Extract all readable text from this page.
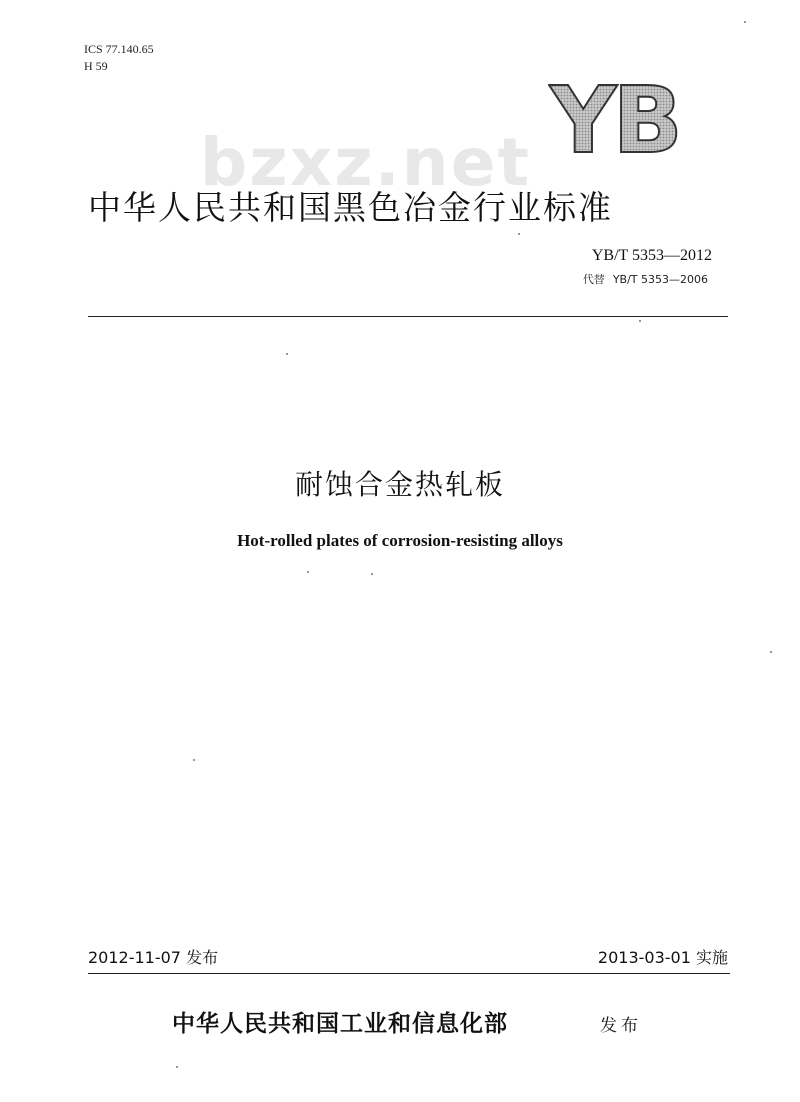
ICS 77.140.65
H 59
YB
bzxz.net
中华人民共和国黑色冶金行业标准
YB/T 5353—2012
代替 YB/T 5353—2006
耐蚀合金热轧板
Hot-rolled plates of corrosion-resisting alloys
2012-11-07 发布	2013-03-01 实施
中华人民共和国工业和信息化部	发布
